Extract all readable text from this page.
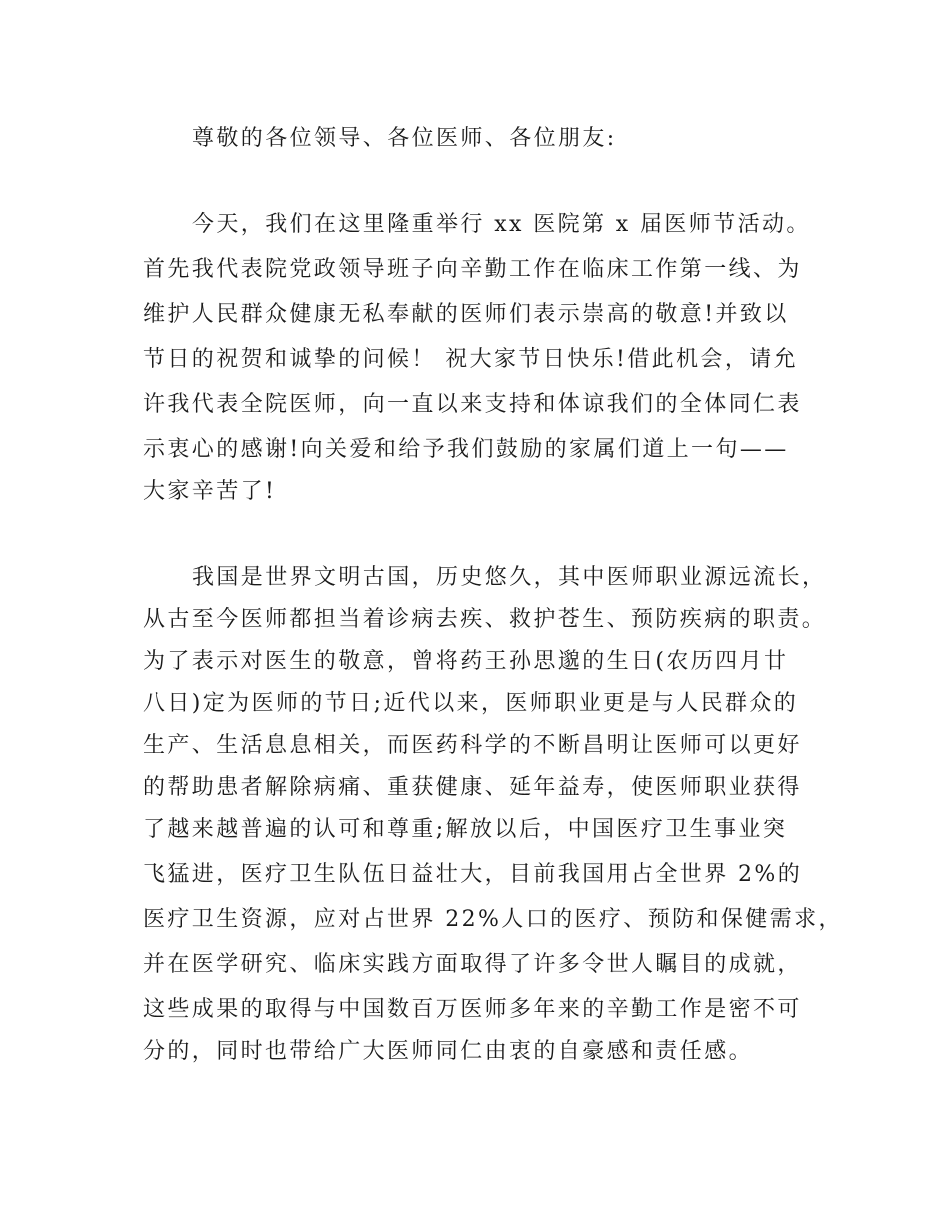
尊敬的各位领导、各位医师、各位朋友:

今天，我们在这里隆重举行 xx 医院第 x 届医师节活动。

首先我代表院党政领导班子向辛勤工作在临床工作第一线、为

维护人民群众健康无私奉献的医师们表示崇高的敬意!并致以

节日的祝贺和诚挚的问候！ 祝大家节日快乐!借此机会，请允

许我代表全院医师，向一直以来支持和体谅我们的全体同仁表

示衷心的感谢!向关爱和给予我们鼓励的家属们道上一句——

大家辛苦了!

我国是世界文明古国，历史悠久，其中医师职业源远流长，

从古至今医师都担当着诊病去疾、救护苍生、预防疾病的职责。

为了表示对医生的敬意，曾将药王孙思邈的生日(农历四月廿

八日)定为医师的节日;近代以来，医师职业更是与人民群众的

生产、生活息息相关，而医药科学的不断昌明让医师可以更好

的帮助患者解除病痛、重获健康、延年益寿，使医师职业获得

了越来越普遍的认可和尊重;解放以后，中国医疗卫生事业突

飞猛进，医疗卫生队伍日益壮大，目前我国用占全世界 2%的

医疗卫生资源，应对占世界 22%人口的医疗、预防和保健需求，

并在医学研究、临床实践方面取得了许多令世人瞩目的成就，

这些成果的取得与中国数百万医师多年来的辛勤工作是密不可

分的，同时也带给广大医师同仁由衷的自豪感和责任感。
